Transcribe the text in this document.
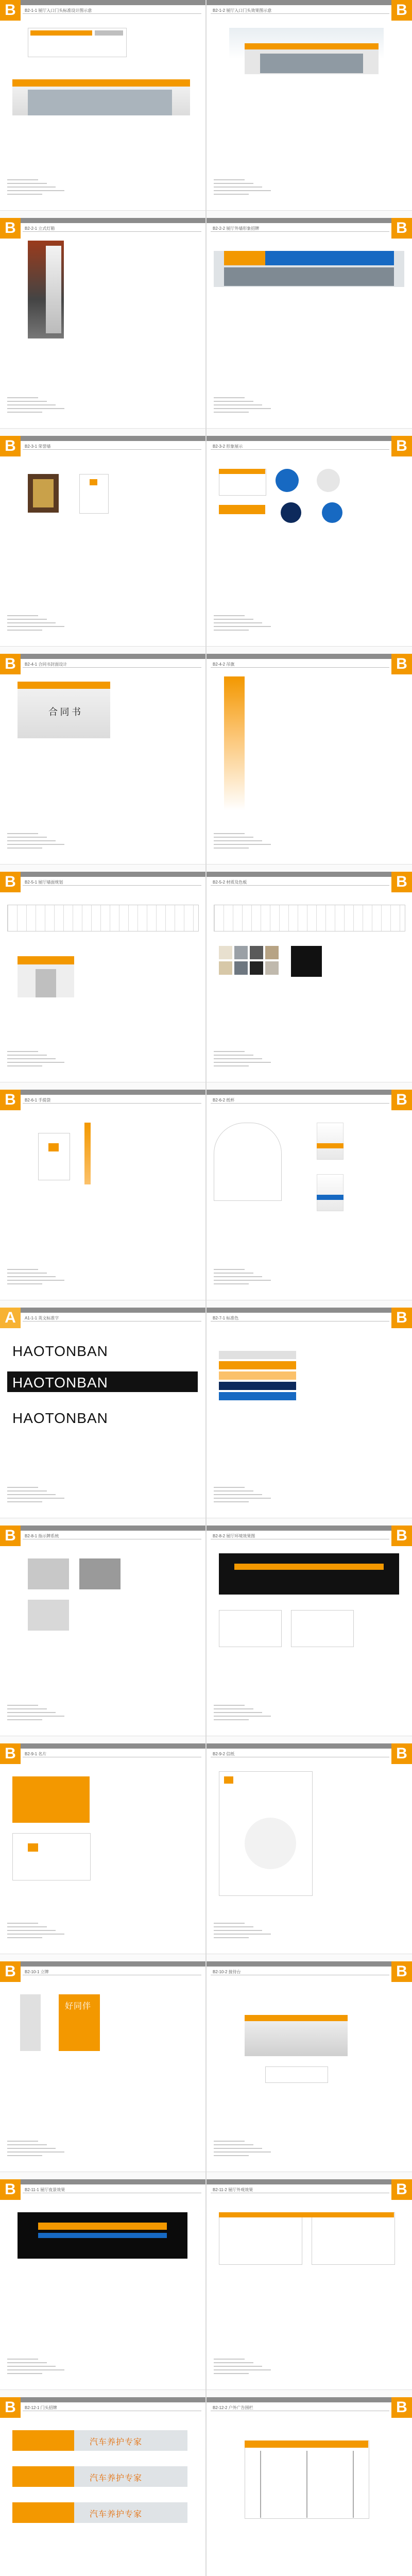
B	B2-1-1 展厅入口门头标准设计图示意	B
B2-1-2 展厅入口门头效果图示意
B	B2-2-1 立式灯箱	B
B2-2-2 展厅外墙形象招牌
B	B2-3-1 荣誉墙	B
B2-3-2 形象展示
B	B2-4-1 合同书封面设计
合 同 书
B
B2-4-2 吊旗
B	B2-5-1 展厅墙面规划	B
B2-5-2 材质及色板
B	B2-6-1 手提袋	B
B2-6-2 纸杯
A	A1-1-1 英文标准字
HAOTONBAN
HAOTONBAN
HAOTONBAN
B
B2-7-1 标准色
B	B2-8-1 指示牌系统	B
B2-8-2 展厅环境效果图
B	B2-9-1 名片	B
B2-9-2 信纸
B	B2-10-1 立牌
好同伴
B
B2-10-2 接待台
B	B2-11-1 展厅夜景效果	B
B2-11-2 展厅外观效果
B	B2-12-1 门头招牌
汽车养护专家
汽车养护专家
汽车养护专家
B
B2-12-2 户外广告围栏
